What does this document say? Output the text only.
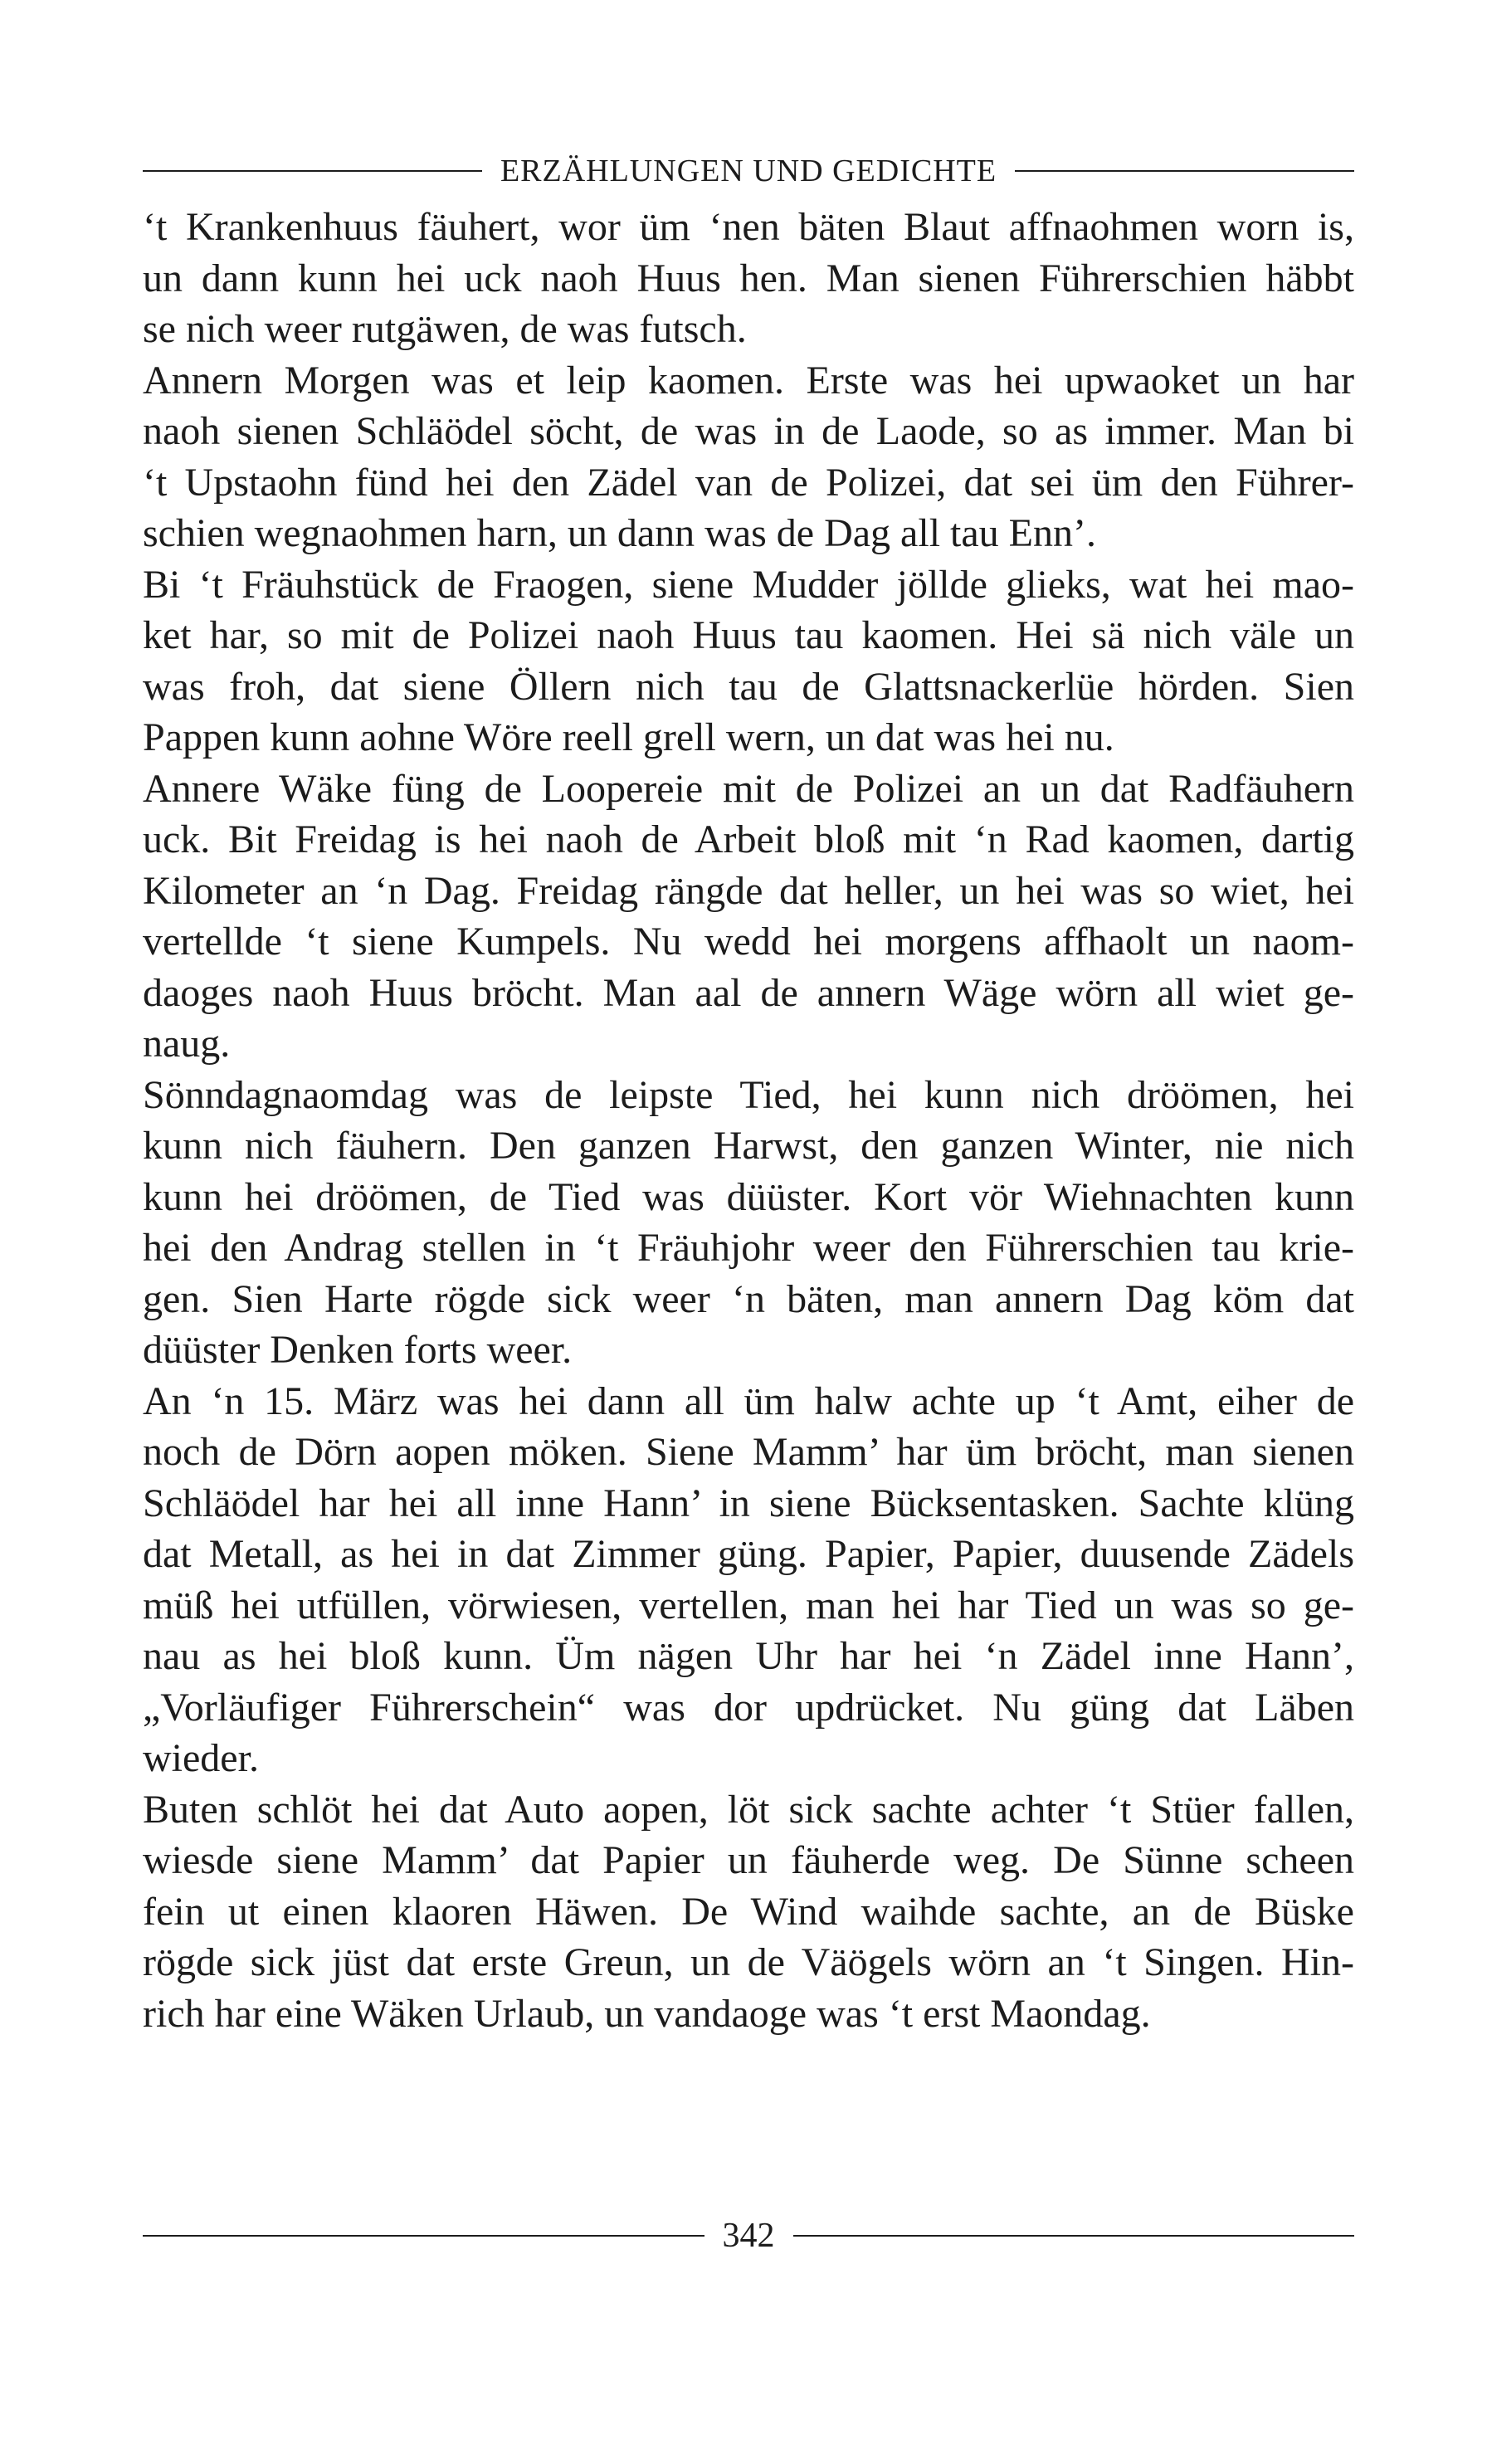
ERZÄHLUNGEN UND GEDICHTE
‘t Krankenhuus fäuhert, wor üm ‘nen bäten Blaut affnaohmen worn is,
un dann kunn hei uck naoh Huus hen. Man sienen Führerschien häbbt
se nich weer rutgäwen, de was futsch.
Annern Morgen was et leip kaomen. Erste was hei upwaoket un har
naoh sienen Schläödel söcht, de was in de Laode, so as immer. Man bi
‘t Upstaohn fünd hei den Zädel van de Polizei, dat sei üm den Führer-
schien wegnaohmen harn, un dann was de Dag all tau Enn’.
Bi ‘t Fräuhstück de Fraogen, siene Mudder jöllde glieks, wat hei mao-
ket har, so mit de Polizei naoh Huus tau kaomen. Hei sä nich väle un
was froh, dat siene Öllern nich tau de Glattsnackerlüe hörden. Sien
Pappen kunn aohne Wöre reell grell wern, un dat was hei nu.
Annere Wäke füng de Loopereie mit de Polizei an un dat Radfäuhern
uck. Bit Freidag is hei naoh de Arbeit bloß mit ‘n Rad kaomen, dartig
Kilometer an ‘n Dag. Freidag rängde dat heller, un hei was so wiet, hei
vertellde ‘t siene Kumpels. Nu wedd hei morgens affhaolt un naom-
daoges naoh Huus bröcht. Man aal de annern Wäge wörn all wiet ge-
naug.
Sönndagnaomdag was de leipste Tied, hei kunn nich dröömen, hei
kunn nich fäuhern. Den ganzen Harwst, den ganzen Winter, nie nich
kunn hei dröömen, de Tied was düüster. Kort vör Wiehnachten kunn
hei den Andrag stellen in ‘t Fräuhjohr weer den Führerschien tau krie-
gen. Sien Harte rögde sick weer ‘n bäten, man annern Dag köm dat
düüster Denken forts weer.
An ‘n 15. März was hei dann all üm halw achte up ‘t Amt, eiher de
noch de Dörn aopen möken. Siene Mamm’ har üm bröcht, man sienen
Schläödel har hei all inne Hann’ in siene Bücksentasken. Sachte klüng
dat Metall, as hei in dat Zimmer güng. Papier, Papier, duusende Zädels
müß hei utfüllen, vörwiesen, vertellen, man hei har Tied un was so ge-
nau as hei bloß kunn. Üm nägen Uhr har hei ‘n Zädel inne Hann’,
„Vorläufiger Führerschein“ was dor updrücket. Nu güng dat Läben
wieder.
Buten schlöt hei dat Auto aopen, löt sick sachte achter ‘t Stüer fallen,
wiesde siene Mamm’ dat Papier un fäuherde weg. De Sünne scheen
fein ut einen klaoren Häwen. De Wind waihde sachte, an de Büske
rögde sick jüst dat erste Greun, un de Väögels wörn an ‘t Singen. Hin-
rich har eine Wäken Urlaub, un vandaoge was ‘t erst Maondag.
342
